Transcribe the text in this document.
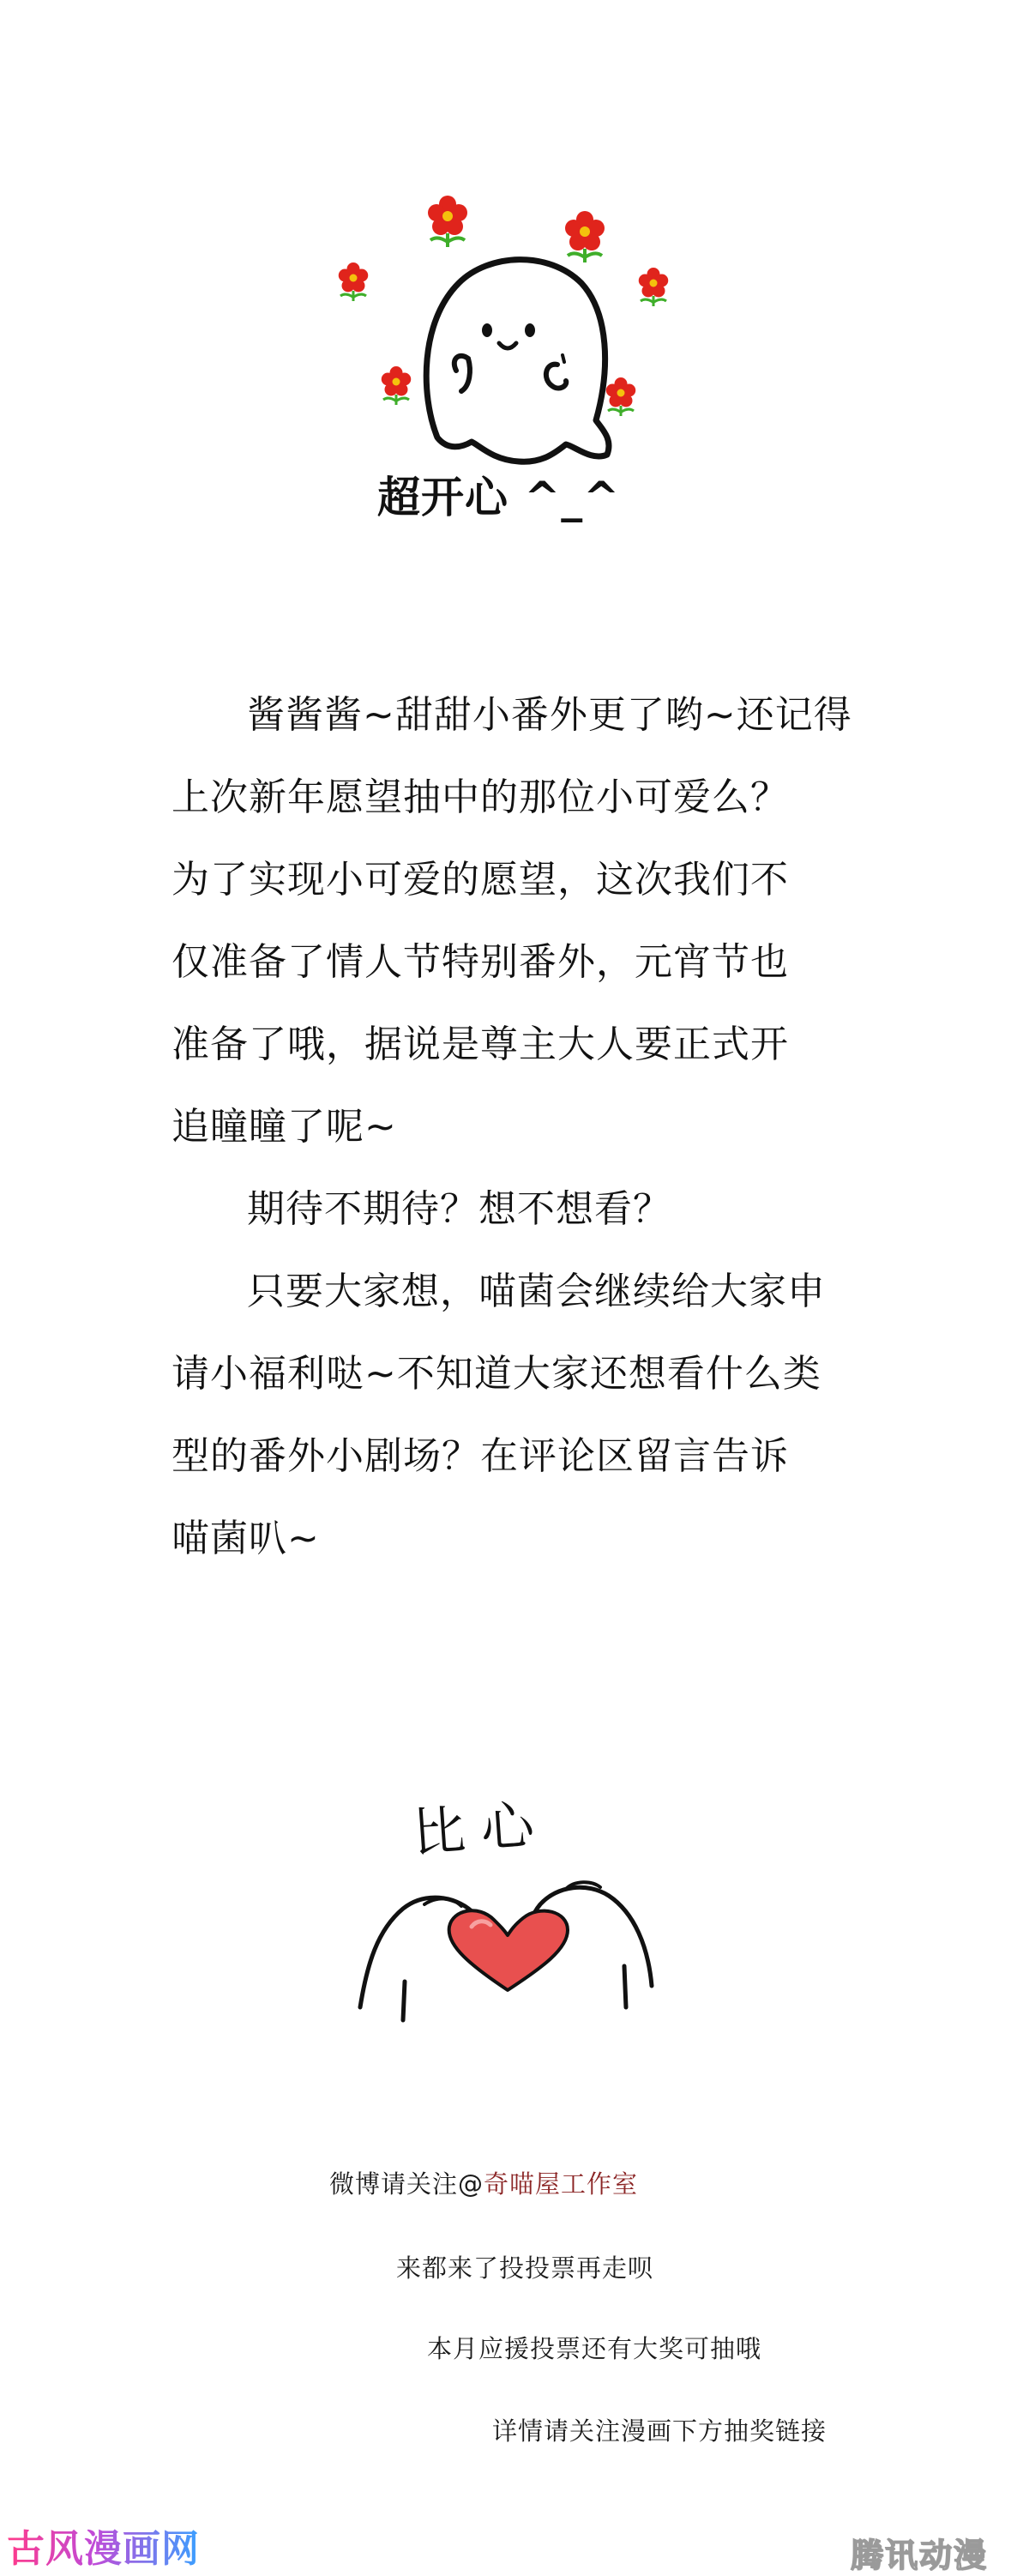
超开心 ^_^

酱酱酱~甜甜小番外更了哟~还记得
上次新年愿望抽中的那位小可爱么？
为了实现小可爱的愿望，这次我们不
仅准备了情人节特别番外，元宵节也
准备了哦，据说是尊主大人要正式开
追瞳瞳了呢~

期待不期待？想不想看？

只要大家想，喵菌会继续给大家申
请小福利哒~不知道大家还想看什么类
型的番外小剧场？在评论区留言告诉
喵菌叭~

比心
微博请关注@奇喵屋工作室
来都来了投投票再走呗
本月应援投票还有大奖可抽哦
详情请关注漫画下方抽奖链接
古风漫画网	腾讯动漫
